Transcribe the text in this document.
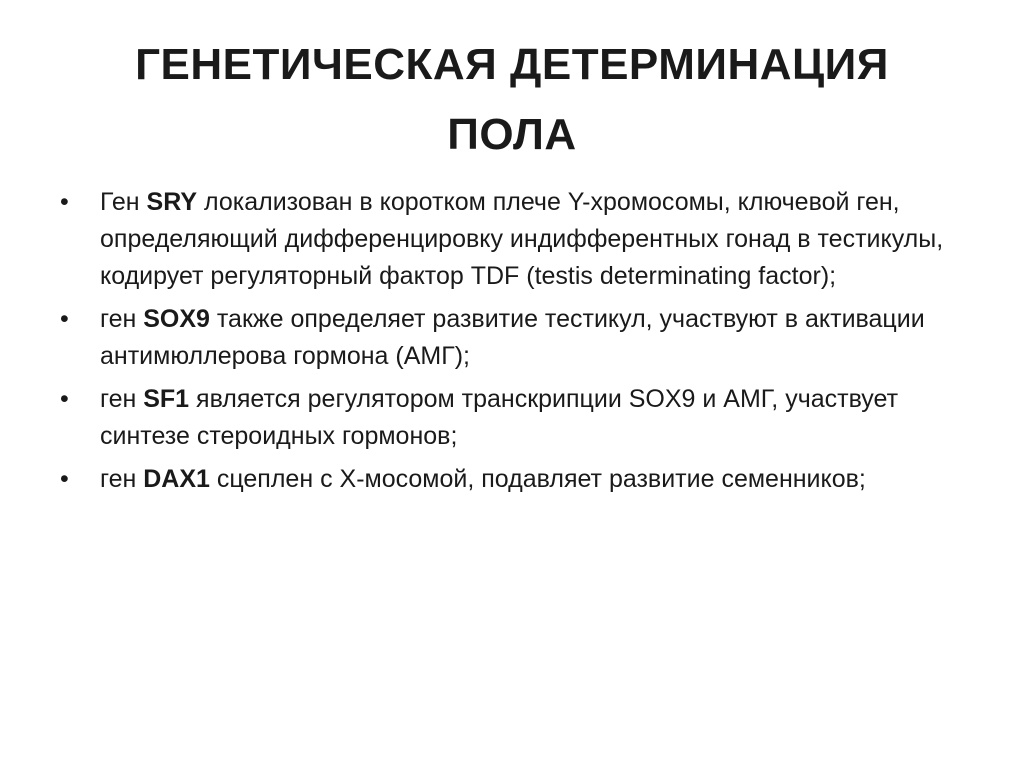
ГЕНЕТИЧЕСКАЯ ДЕТЕРМИНАЦИЯ
ПОЛА
• Ген SRY локализован в коротком плече Y-хромосомы, ключевой ген, определяющий дифференцировку индифферентных гонад в тестикулы, кодирует регуляторный фактор TDF (testis determinating factor);
• ген SOX9 также определяет развитие тестикул, участвуют в активации антимюллерова гормона (АМГ);
• ген SF1 является регулятором транскрипции SOX9 и АМГ, участвует синтезе стероидных гормонов;
• ген DAX1 сцеплен с X-мосомой, подавляет развитие семенников;
